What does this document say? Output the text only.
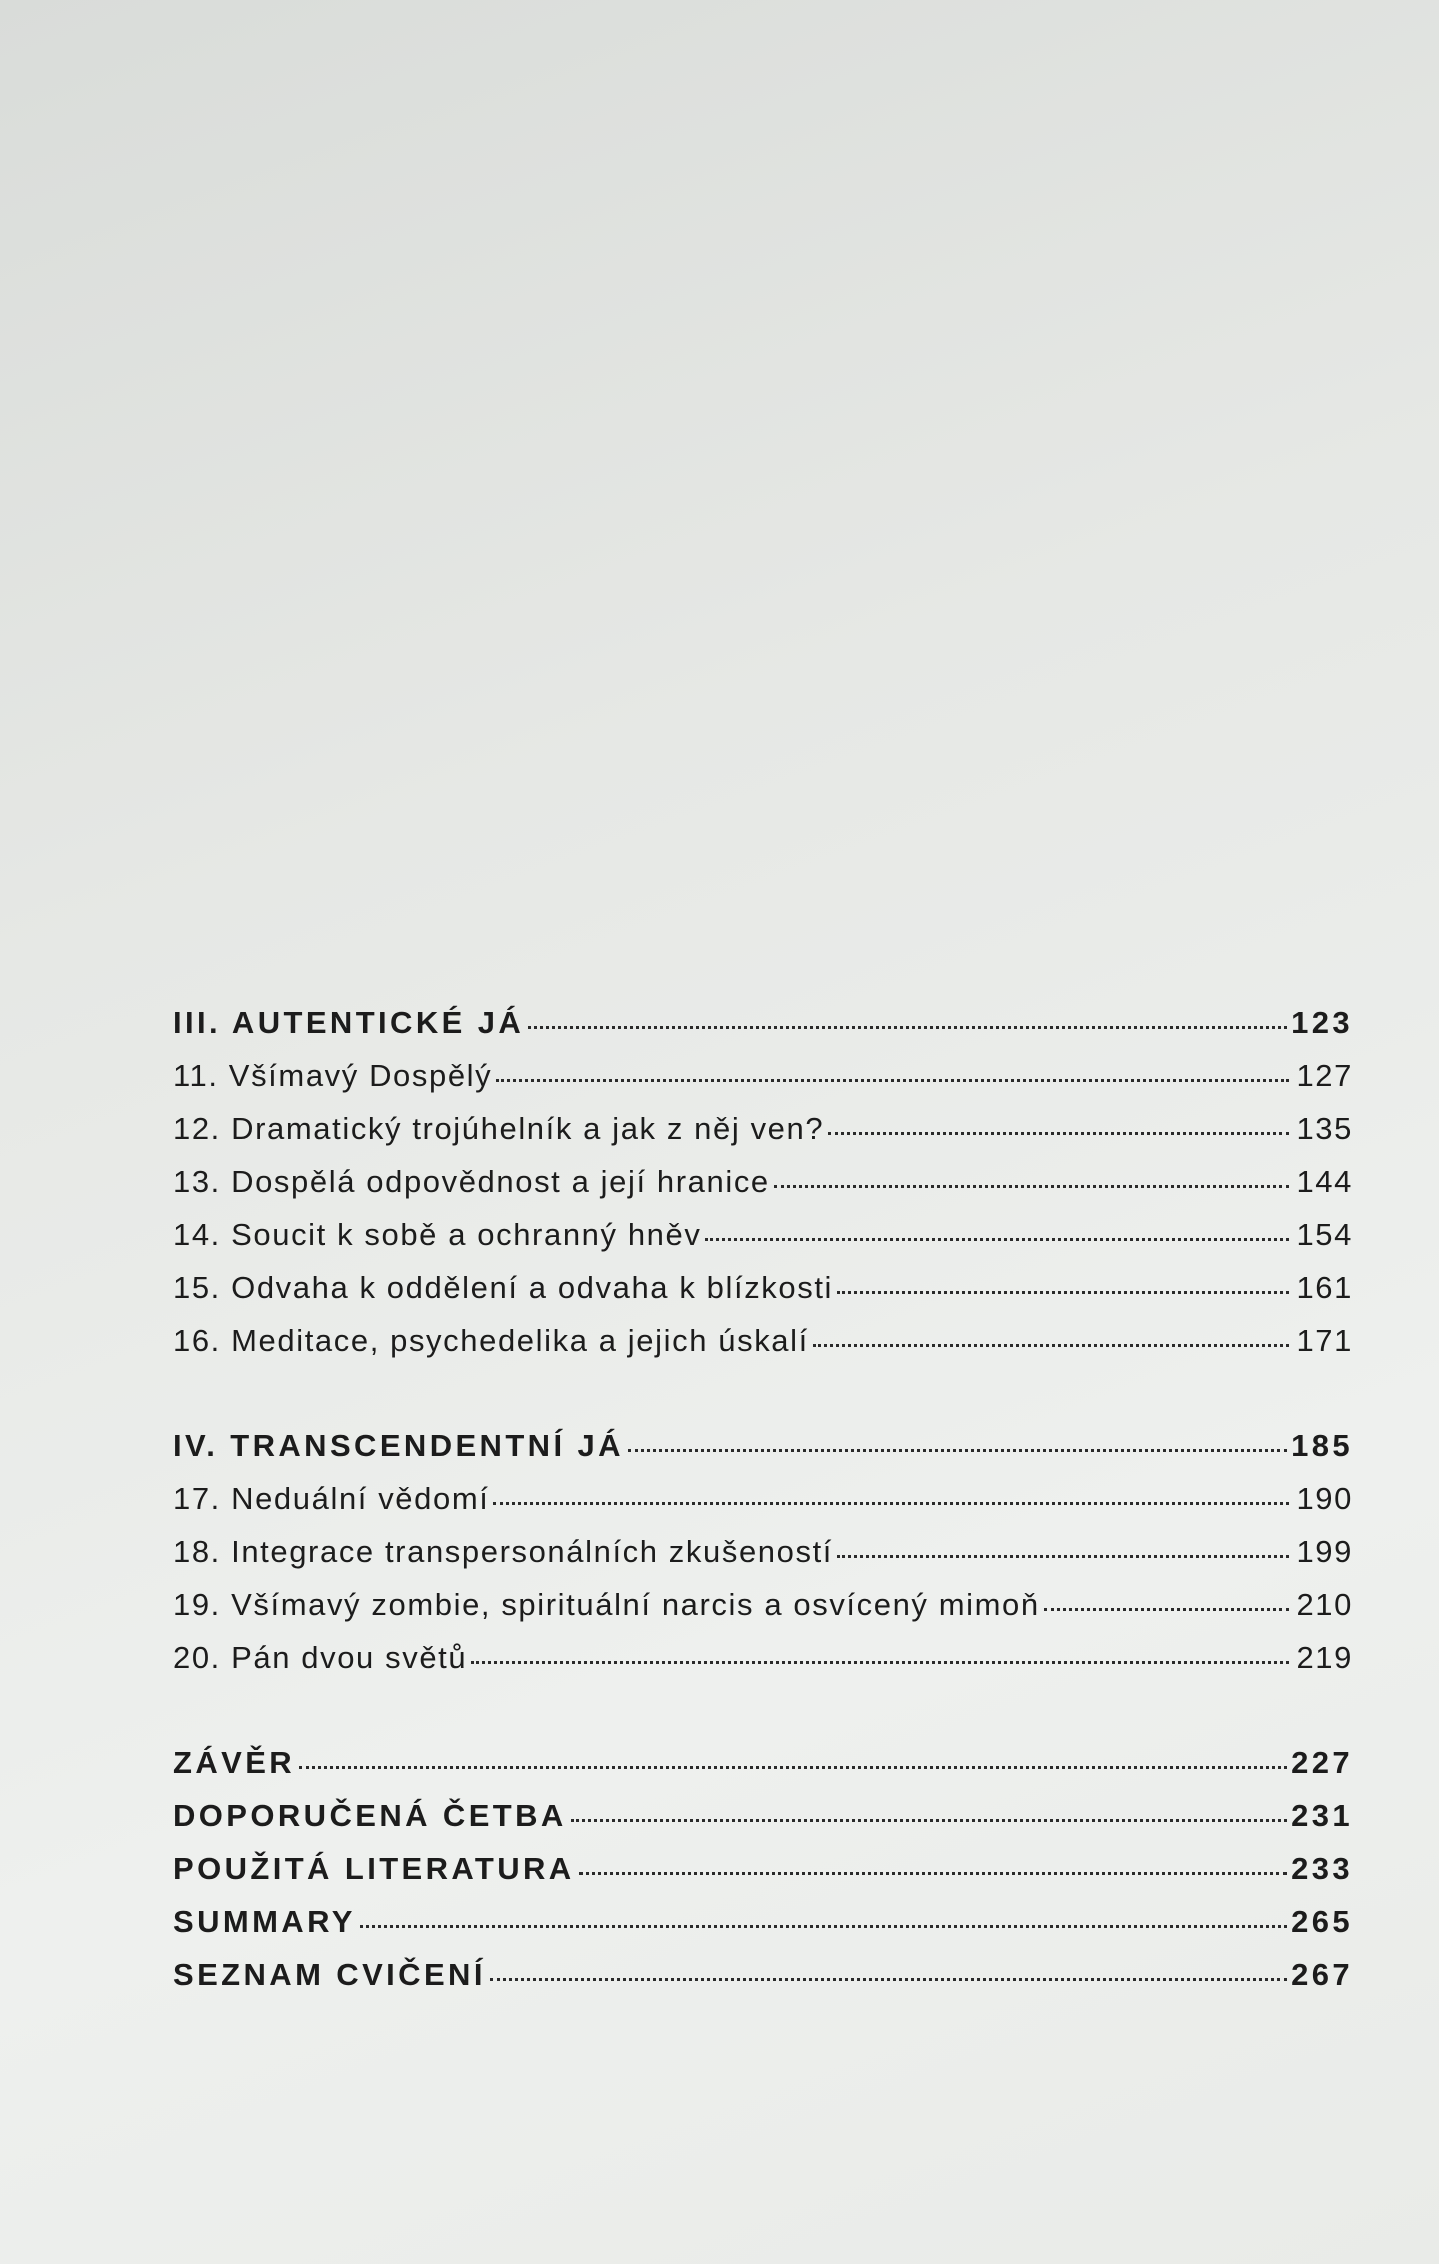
III. AUTENTICKÉ JÁ	123
11. Všímavý Dospělý	127
12. Dramatický trojúhelník a jak z něj ven?	135
13. Dospělá odpovědnost a její hranice	144
14. Soucit k sobě a ochranný hněv	154
15. Odvaha k oddělení a odvaha k blízkosti	161
16. Meditace, psychedelika a jejich úskalí	171
IV. TRANSCENDENTNÍ JÁ	185
17. Neduální vědomí	190
18. Integrace transpersonálních zkušeností	199
19. Všímavý zombie, spirituální narcis a osvícený mimoň	210
20. Pán dvou světů	219
ZÁVĚR	227
DOPORUČENÁ ČETBA	231
POUŽITÁ LITERATURA	233
SUMMARY	265
SEZNAM CVIČENÍ	267
